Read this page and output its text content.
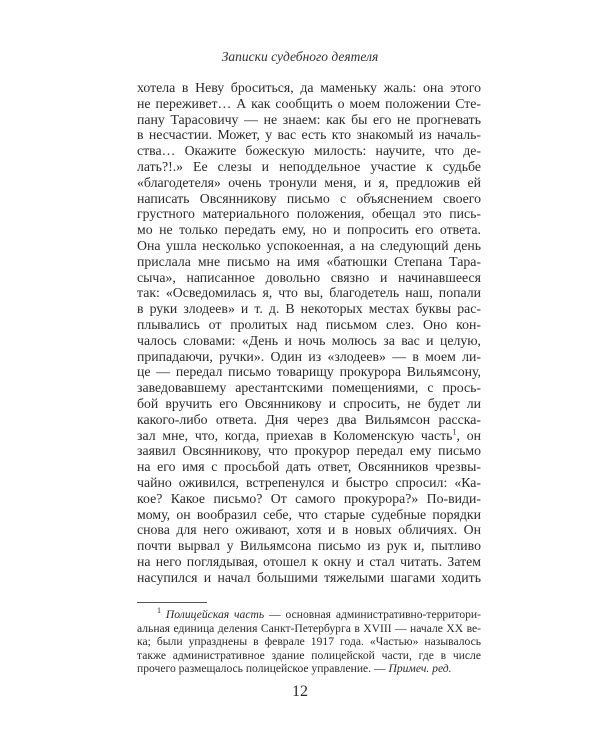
Записки судебного деятеля
хотела в Неву броситься, да маменьку жаль: она этого
не переживет… А как сообщить о моем положении Сте-
пану Тарасовичу — не знаем: как бы его не прогневать
в несчастии. Может, у вас есть кто знакомый из началь-
ства… Окажите божескую милость: научите, что де-
лать?!.» Ее слезы и неподдельное участие к судьбе
«благодетеля» очень тронули меня, и я, предложив ей
написать Овсянникову письмо с объяснением своего
грустного материального положения, обещал это пись-
мо не только передать ему, но и попросить его ответа.
Она ушла несколько успокоенная, а на следующий день
прислала мне письмо на имя «батюшки Степана Тара-
сыча», написанное довольно связно и начинавшееся
так: «Осведомилась я, что вы, благодетель наш, попали
в руки злодеев» и т. д. В некоторых местах буквы рас-
плывались от пролитых над письмом слез. Оно кон-
чалось словами: «День и ночь молюсь за вас и целую,
припадаючи, ручки». Один из «злодеев» — в моем ли-
це — передал письмо товарищу прокурора Вильямсону,
заведовавшему арестантскими помещениями, с прось-
бой вручить его Овсянникову и спросить, не будет ли
какого-либо ответа. Дня через два Вильямсон расска-
зал мне, что, когда, приехав в Коломенскую часть$^1$, он
заявил Овсянникову, что прокурор передал ему письмо
на его имя с просьбой дать ответ, Овсянников чрезвы-
чайно оживился, встрепенулся и быстро спросил: «Ка-
кое? Какое письмо? От самого прокурора?» По-види-
мому, он вообразил себе, что старые судебные порядки
снова для него оживают, хотя и в новых обличиях. Он
почти вырвал у Вильямсона письмо из рук и, пытливо
на него поглядывая, отошел к окну и стал читать. Затем
насупился и начал большими тяжелыми шагами ходить
$^1$ Полицейская часть — основная административно-территори-
альная единица деления Санкт-Петербурга в XVIII — начале XX ве-
ка; были упразднены в феврале 1917 года. «Частью» называлось
также административное здание полицейской части, где в числе
прочего размещалось полицейское управление. — Примеч. ред.
12
